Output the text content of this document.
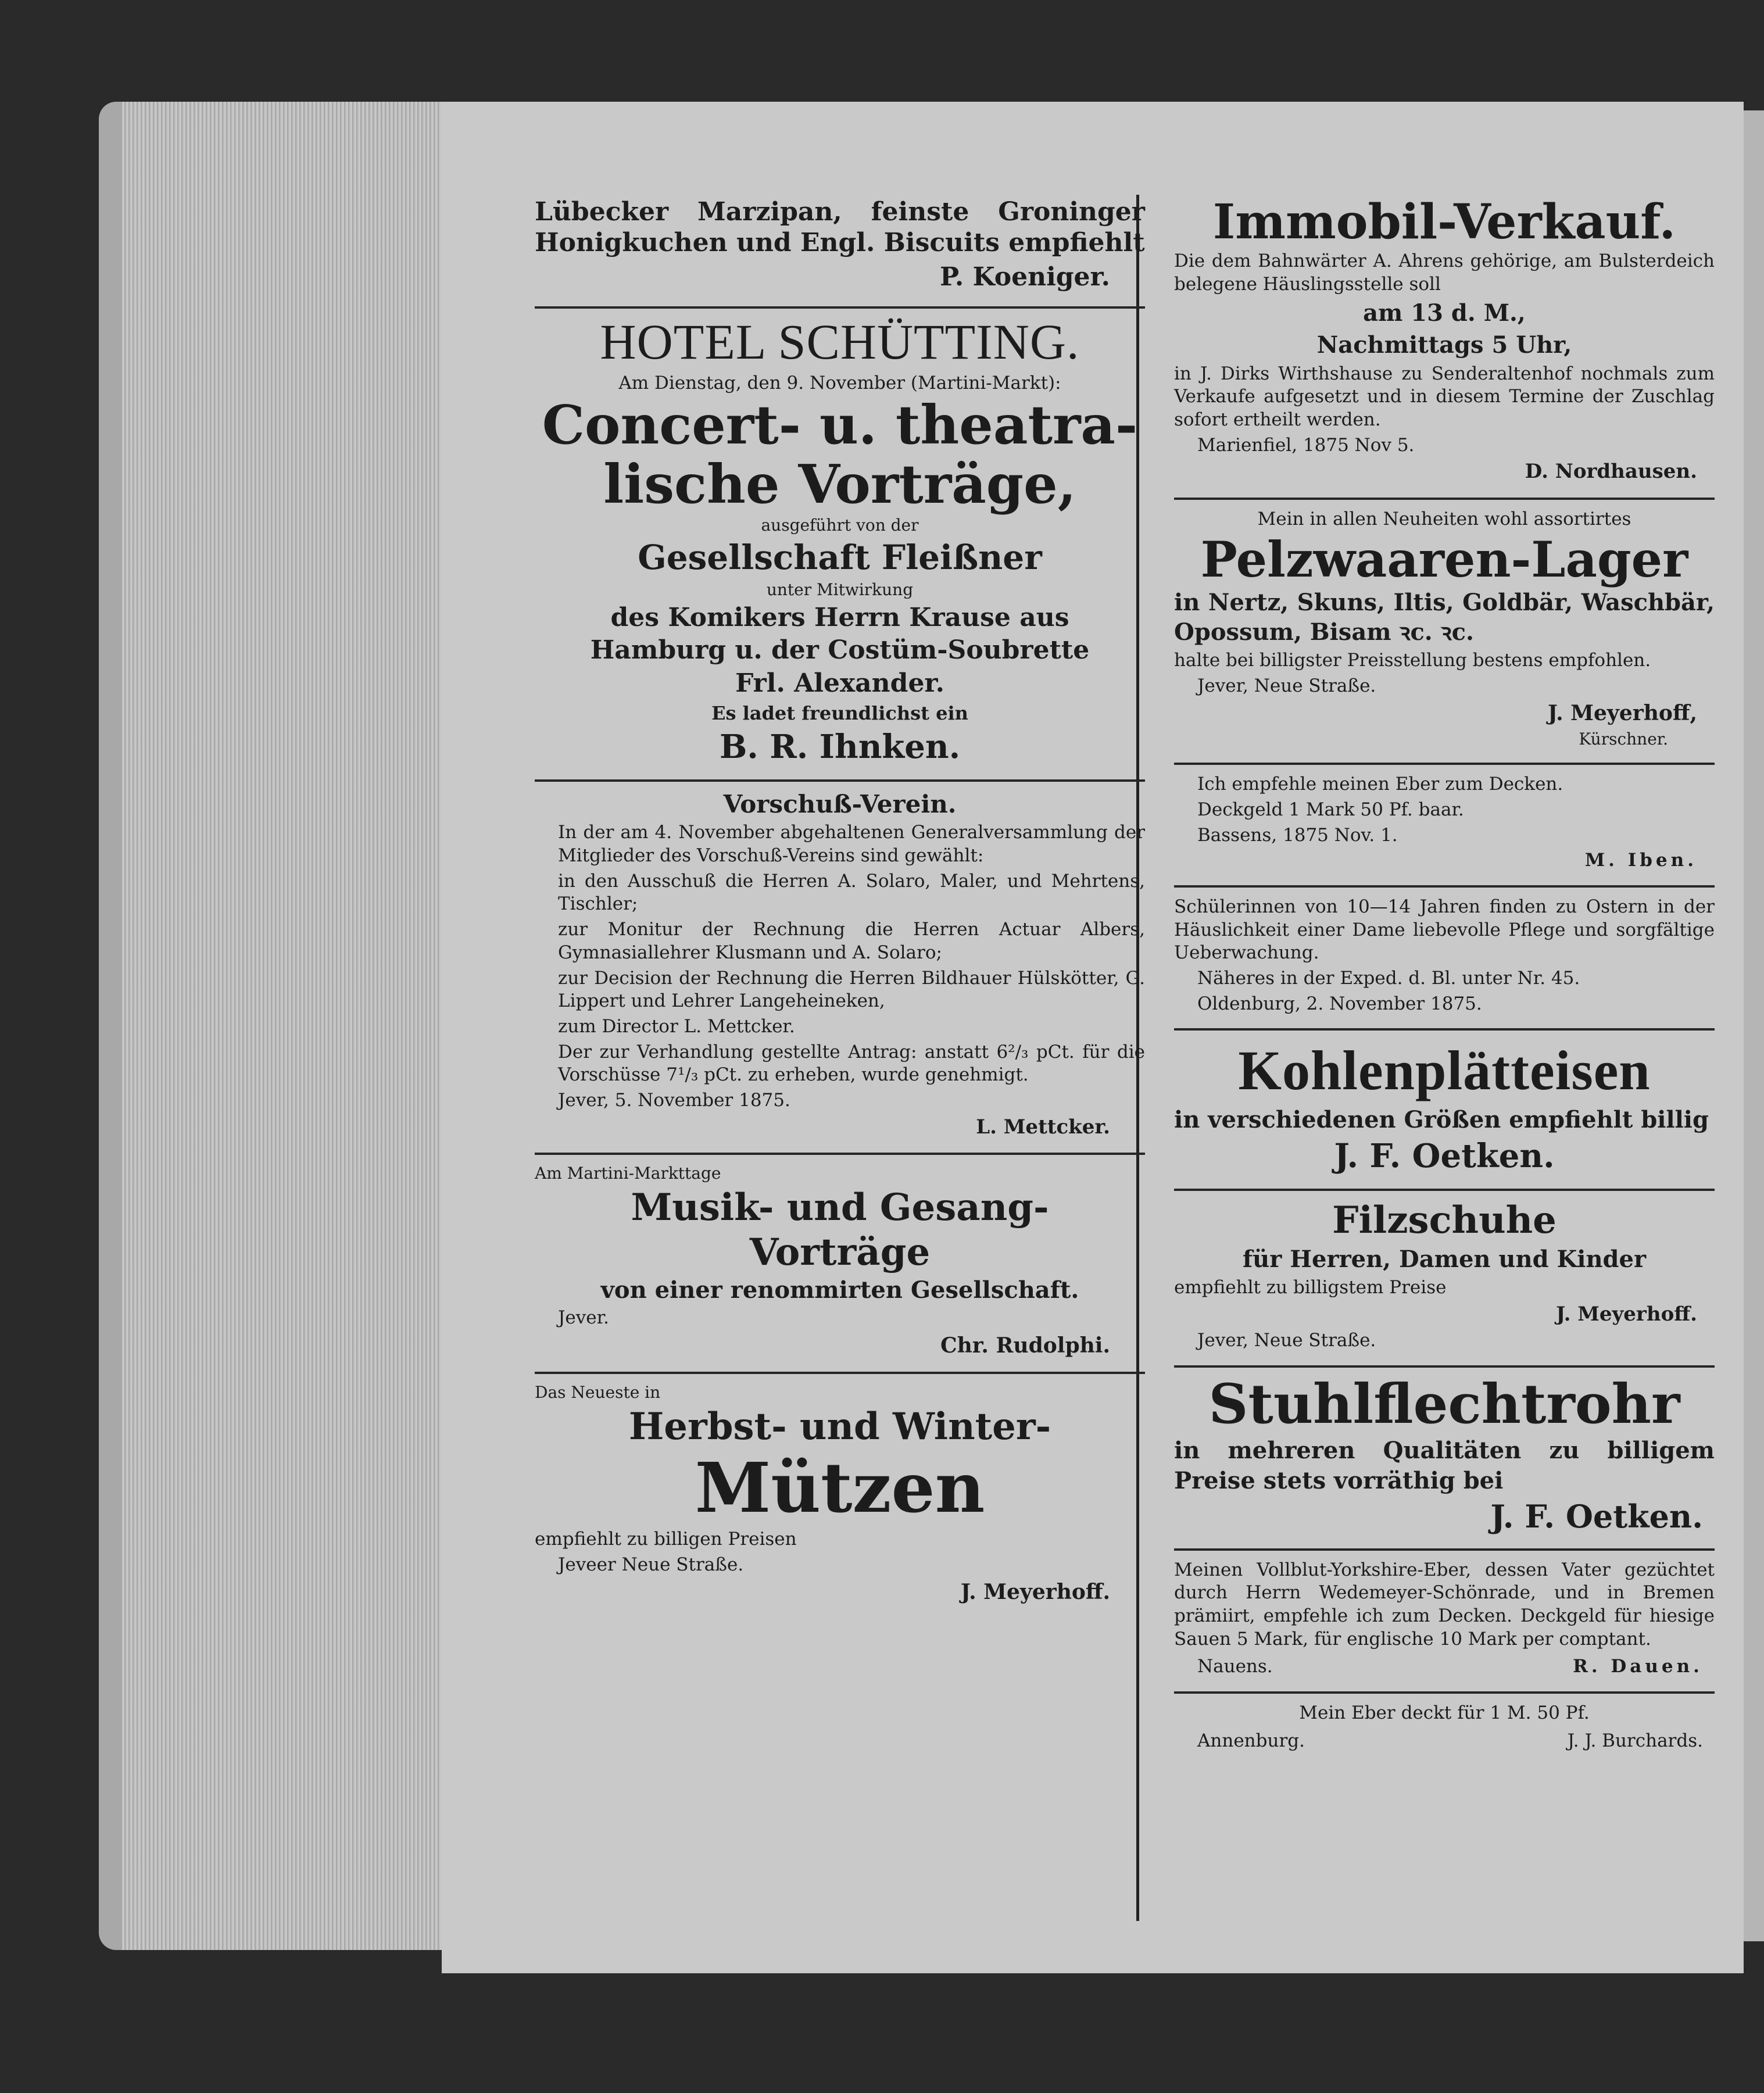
Lübecker Marzipan, feinste Groninger Honigkuchen und Engl. Biscuits empfiehlt

P. Koeniger.

HOTEL SCHÜTTING.

Am Dienstag, den 9. November (Martini-Markt):

Concert- u. theatra-

lische Vorträge,

ausgeführt von der

Gesellschaft Fleißner

unter Mitwirkung

des Komikers Herrn Krause aus

Hamburg u. der Costüm-Soubrette

Frl. Alexander.

Es ladet freundlichst ein

B. R. Ihnken.

Vorschuß-Verein.

In der am 4. November abgehaltenen Generalversammlung der Mitglieder des Vorschuß-Vereins sind gewählt:

in den Ausschuß die Herren A. Solaro, Maler, und Mehrtens, Tischler;

zur Monitur der Rechnung die Herren Actuar Albers, Gymnasiallehrer Klusmann und A. Solaro;

zur Decision der Rechnung die Herren Bildhauer Hülskötter, G. Lippert und Lehrer Langeheineken,

zum Director L. Mettcker.

Der zur Verhandlung gestellte Antrag: anstatt 6²/₃ pCt. für die Vorschüsse 7¹/₃ pCt. zu erheben, wurde genehmigt.

Jever, 5. November 1875.

L. Mettcker.

Am Martini-Markttage

Musik- und Gesang-

Vorträge

von einer renommirten Gesellschaft.

Jever.

Chr. Rudolphi.

Das Neueste in

Herbst- und Winter-

Mützen

empfiehlt zu billigen Preisen

Jeveer Neue Straße.

J. Meyerhoff.

Immobil-Verkauf.

Die dem Bahnwärter A. Ahrens gehörige, am Bulsterdeich belegene Häuslingsstelle soll

am 13 d. M.,

Nachmittags 5 Uhr,

in J. Dirks Wirthshause zu Senderaltenhof nochmals zum Verkaufe aufgesetzt und in diesem Termine der Zuschlag sofort ertheilt werden.

Marienfiel, 1875 Nov 5.

D. Nordhausen.

Mein in allen Neuheiten wohl assortirtes

Pelzwaaren-Lager

in Nertz, Skuns, Iltis, Goldbär, Waschbär, Opossum, Bisam ꝛc. ꝛc.

halte bei billigster Preisstellung bestens empfohlen.

Jever, Neue Straße.

J. Meyerhoff,

Kürschner.

Ich empfehle meinen Eber zum Decken.

Deckgeld 1 Mark 50 Pf. baar.

Bassens, 1875 Nov. 1.

M. Iben.

Schülerinnen von 10—14 Jahren finden zu Ostern in der Häuslichkeit einer Dame liebevolle Pflege und sorgfältige Ueberwachung.

Näheres in der Exped. d. Bl. unter Nr. 45.

Oldenburg, 2. November 1875.

Kohlenplätteisen

in verschiedenen Größen empfiehlt billig

J. F. Oetken.

Filzschuhe

für Herren, Damen und Kinder

empfiehlt zu billigstem Preise

J. Meyerhoff.

Jever, Neue Straße.

Stuhlflechtrohr

in mehreren Qualitäten zu billigem Preise stets vorräthig bei

J. F. Oetken.

Meinen Vollblut-Yorkshire-Eber, dessen Vater gezüchtet durch Herrn Wedemeyer-Schönrade, und in Bremen prämiirt, empfehle ich zum Decken. Deckgeld für hiesige Sauen 5 Mark, für englische 10 Mark per comptant.

Nauens.

	R. Dauen.

Mein Eber deckt für 1 M. 50 Pf.

Annenburg.

	J. J. Burchards.
